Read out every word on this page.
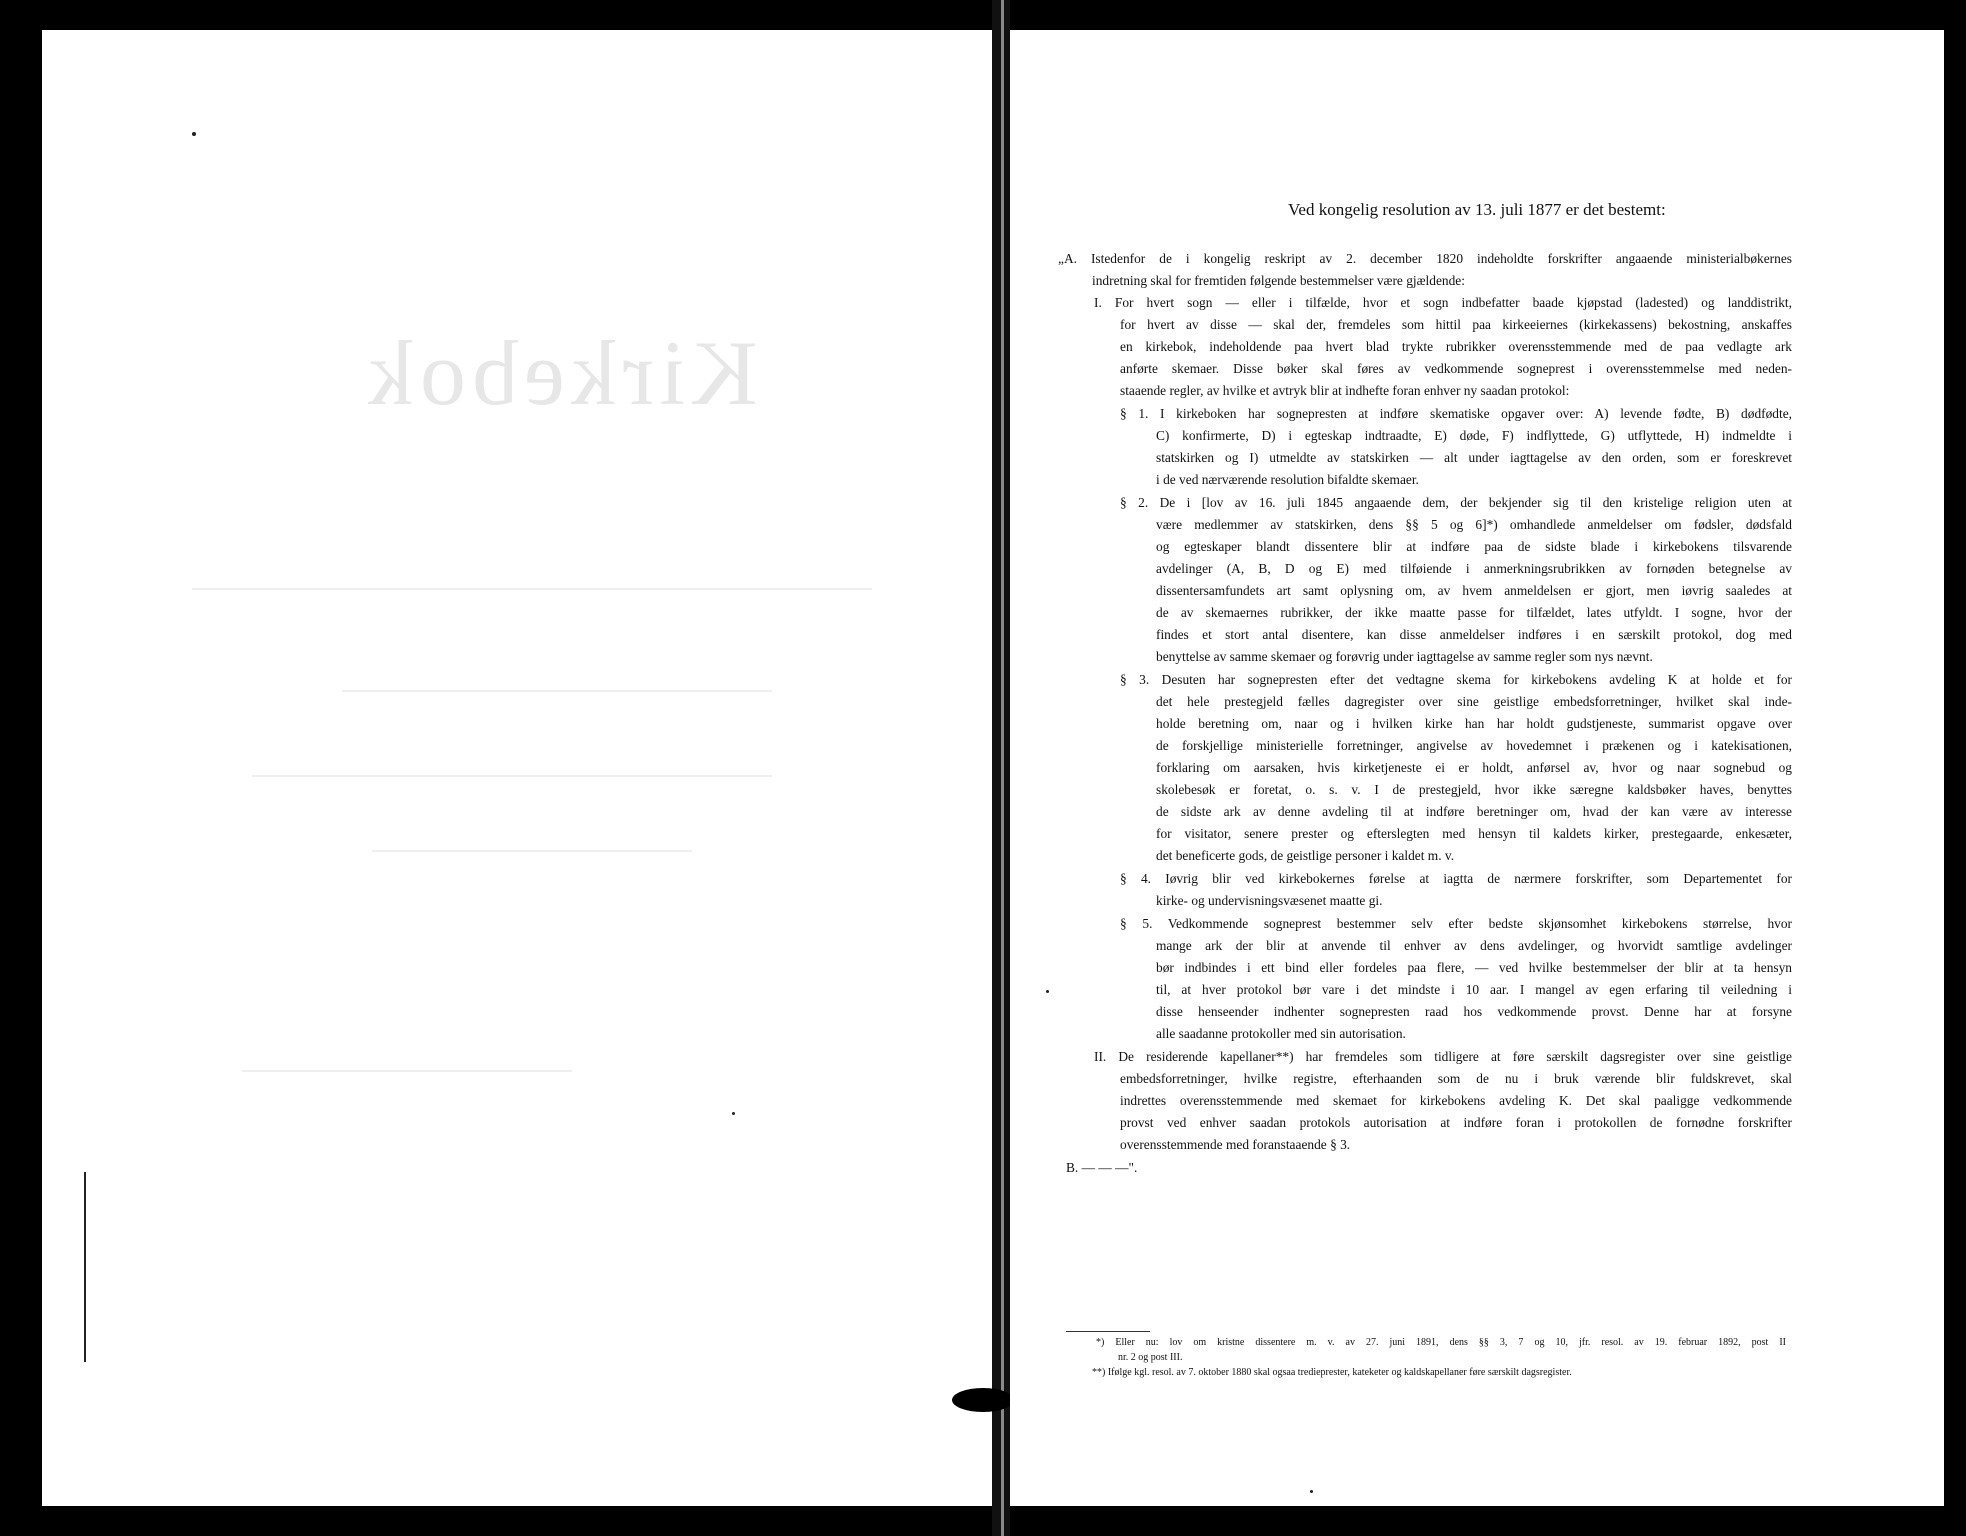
Kirkebok
Ved kongelig resolution av 13. juli 1877 er det bestemt:
„A. Istedenfor de i kongelig reskript av 2. december 1820 indeholdte forskrifter angaaende ministerialbøkernes
indretning skal for fremtiden følgende bestemmelser være gjældende:
I. For hvert sogn — eller i tilfælde, hvor et sogn indbefatter baade kjøpstad (ladested) og landdistrikt,
for hvert av disse — skal der, fremdeles som hittil paa kirkeeiernes (kirkekassens) bekostning, anskaffes
en kirkebok, indeholdende paa hvert blad trykte rubrikker overensstemmende med de paa vedlagte ark
anførte skemaer. Disse bøker skal føres av vedkommende sogneprest i overensstemmelse med neden-
staaende regler, av hvilke et avtryk blir at indhefte foran enhver ny saadan protokol:
§ 1. I kirkeboken har sognepresten at indføre skematiske opgaver over: A) levende fødte, B) dødfødte,
C) konfirmerte, D) i egteskap indtraadte, E) døde, F) indflyttede, G) utflyttede, H) indmeldte i
statskirken og I) utmeldte av statskirken — alt under iagttagelse av den orden, som er foreskrevet
i de ved nærværende resolution bifaldte skemaer.
§ 2. De i [lov av 16. juli 1845 angaaende dem, der bekjender sig til den kristelige religion uten at
være medlemmer av statskirken, dens §§ 5 og 6]*) omhandlede anmeldelser om fødsler, dødsfald
og egteskaper blandt dissentere blir at indføre paa de sidste blade i kirkebokens tilsvarende
avdelinger (A, B, D og E) med tilføiende i anmerkningsrubrikken av fornøden betegnelse av
dissentersamfundets art samt oplysning om, av hvem anmeldelsen er gjort, men iøvrig saaledes at
de av skemaernes rubrikker, der ikke maatte passe for tilfældet, lates utfyldt. I sogne, hvor der
findes et stort antal disentere, kan disse anmeldelser indføres i en særskilt protokol, dog med
benyttelse av samme skemaer og forøvrig under iagttagelse av samme regler som nys nævnt.
§ 3. Desuten har sognepresten efter det vedtagne skema for kirkebokens avdeling K at holde et for
det hele prestegjeld fælles dagregister over sine geistlige embedsforretninger, hvilket skal inde-
holde beretning om, naar og i hvilken kirke han har holdt gudstjeneste, summarist opgave over
de forskjellige ministerielle forretninger, angivelse av hovedemnet i prækenen og i katekisationen,
forklaring om aarsaken, hvis kirketjeneste ei er holdt, anførsel av, hvor og naar sognebud og
skolebesøk er foretat, o. s. v. I de prestegjeld, hvor ikke særegne kaldsbøker haves, benyttes
de sidste ark av denne avdeling til at indføre beretninger om, hvad der kan være av interesse
for visitator, senere prester og efterslegten med hensyn til kaldets kirker, prestegaarde, enkesæter,
det beneficerte gods, de geistlige personer i kaldet m. v.
§ 4. Iøvrig blir ved kirkebokernes førelse at iagtta de nærmere forskrifter, som Departementet for
kirke- og undervisningsvæsenet maatte gi.
§ 5. Vedkommende sogneprest bestemmer selv efter bedste skjønsomhet kirkebokens størrelse, hvor
mange ark der blir at anvende til enhver av dens avdelinger, og hvorvidt samtlige avdelinger
bør indbindes i ett bind eller fordeles paa flere, — ved hvilke bestemmelser der blir at ta hensyn
til, at hver protokol bør vare i det mindste i 10 aar. I mangel av egen erfaring til veiledning i
disse henseender indhenter sognepresten raad hos vedkommende provst. Denne har at forsyne
alle saadanne protokoller med sin autorisation.
II. De residerende kapellaner**) har fremdeles som tidligere at føre særskilt dagsregister over sine geistlige
embedsforretninger, hvilke registre, efterhaanden som de nu i bruk værende blir fuldskrevet, skal
indrettes overensstemmende med skemaet for kirkebokens avdeling K. Det skal paaligge vedkommende
provst ved enhver saadan protokols autorisation at indføre foran i protokollen de fornødne forskrifter
overensstemmende med foranstaaende § 3.
B. — — —".
*) Eller nu: lov om kristne dissentere m. v. av 27. juni 1891, dens §§ 3, 7 og 10, jfr. resol. av 19. februar 1892, post II
nr. 2 og post III.
**) Ifølge kgl. resol. av 7. oktober 1880 skal ogsaa tredieprester, kateketer og kaldskapellaner føre særskilt dagsregister.
